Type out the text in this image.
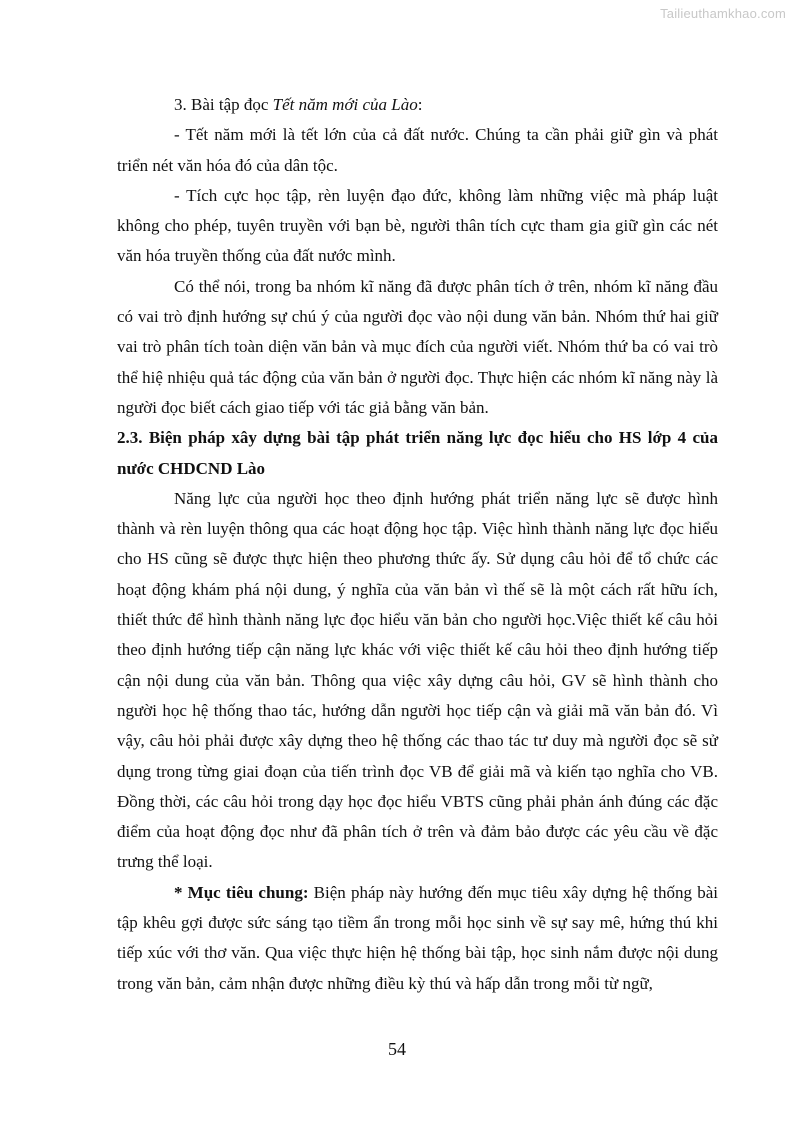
Tailieuthamkhao.com

3. Bài tập đọc Tết năm mới của Lào:

- Tết năm mới là tết lớn của cả đất nước. Chúng ta cần phải giữ gìn và phát triển nét văn hóa đó của dân tộc.

- Tích cực học tập, rèn luyện đạo đức, không làm những việc mà pháp luật không cho phép, tuyên truyền với bạn bè, người thân tích cực tham gia giữ gìn các nét văn hóa truyền thống của đất nước mình.

Có thể nói, trong ba nhóm kĩ năng đã được phân tích ở trên, nhóm kĩ năng đầu có vai trò định hướng sự chú ý của người đọc vào nội dung văn bản. Nhóm thứ hai giữ vai trò phân tích toàn diện văn bản và mục đích của người viết. Nhóm thứ ba có vai trò thể hiệ nhiệu quả tác động của văn bản ở người đọc. Thực hiện các nhóm kĩ năng này là người đọc biết cách giao tiếp với tác giả bằng văn bản.

2.3. Biện pháp xây dựng bài tập phát triển năng lực đọc hiểu cho HS lớp 4 của nước CHDCND Lào

Năng lực của người học theo định hướng phát triển năng lực sẽ được hình thành và rèn luyện thông qua các hoạt động học tập. Việc hình thành năng lực đọc hiểu cho HS cũng sẽ được thực hiện theo phương thức ấy. Sử dụng câu hỏi để tổ chức các hoạt động khám phá nội dung, ý nghĩa của văn bản vì thế sẽ là một cách rất hữu ích, thiết thức để hình thành năng lực đọc hiểu văn bản cho người học.Việc thiết kế câu hỏi theo định hướng tiếp cận năng lực khác với việc thiết kế câu hỏi theo định hướng tiếp cận nội dung của văn bản. Thông qua việc xây dựng câu hỏi, GV sẽ hình thành cho người học hệ thống thao tác, hướng dẫn người học tiếp cận và giải mã văn bản đó. Vì vậy, câu hỏi phải được xây dựng theo hệ thống các thao tác tư duy mà người đọc sẽ sử dụng trong từng giai đoạn của tiến trình đọc VB để giải mã và kiến tạo nghĩa cho VB. Đồng thời, các câu hỏi trong dạy học đọc hiểu VBTS cũng phải phản ánh đúng các đặc điểm của hoạt động đọc như đã phân tích ở trên và đảm bảo được các yêu cầu về đặc trưng thể loại.

* Mục tiêu chung: Biện pháp này hướng đến mục tiêu xây dựng hệ thống bài tập khêu gợi được sức sáng tạo tiềm ẩn trong mỗi học sinh về sự say mê, hứng thú khi tiếp xúc với thơ văn. Qua việc thực hiện hệ thống bài tập, học sinh nắm được nội dung trong văn bản, cảm nhận được những điều kỳ thú và hấp dẫn trong mỗi từ ngữ,

54
